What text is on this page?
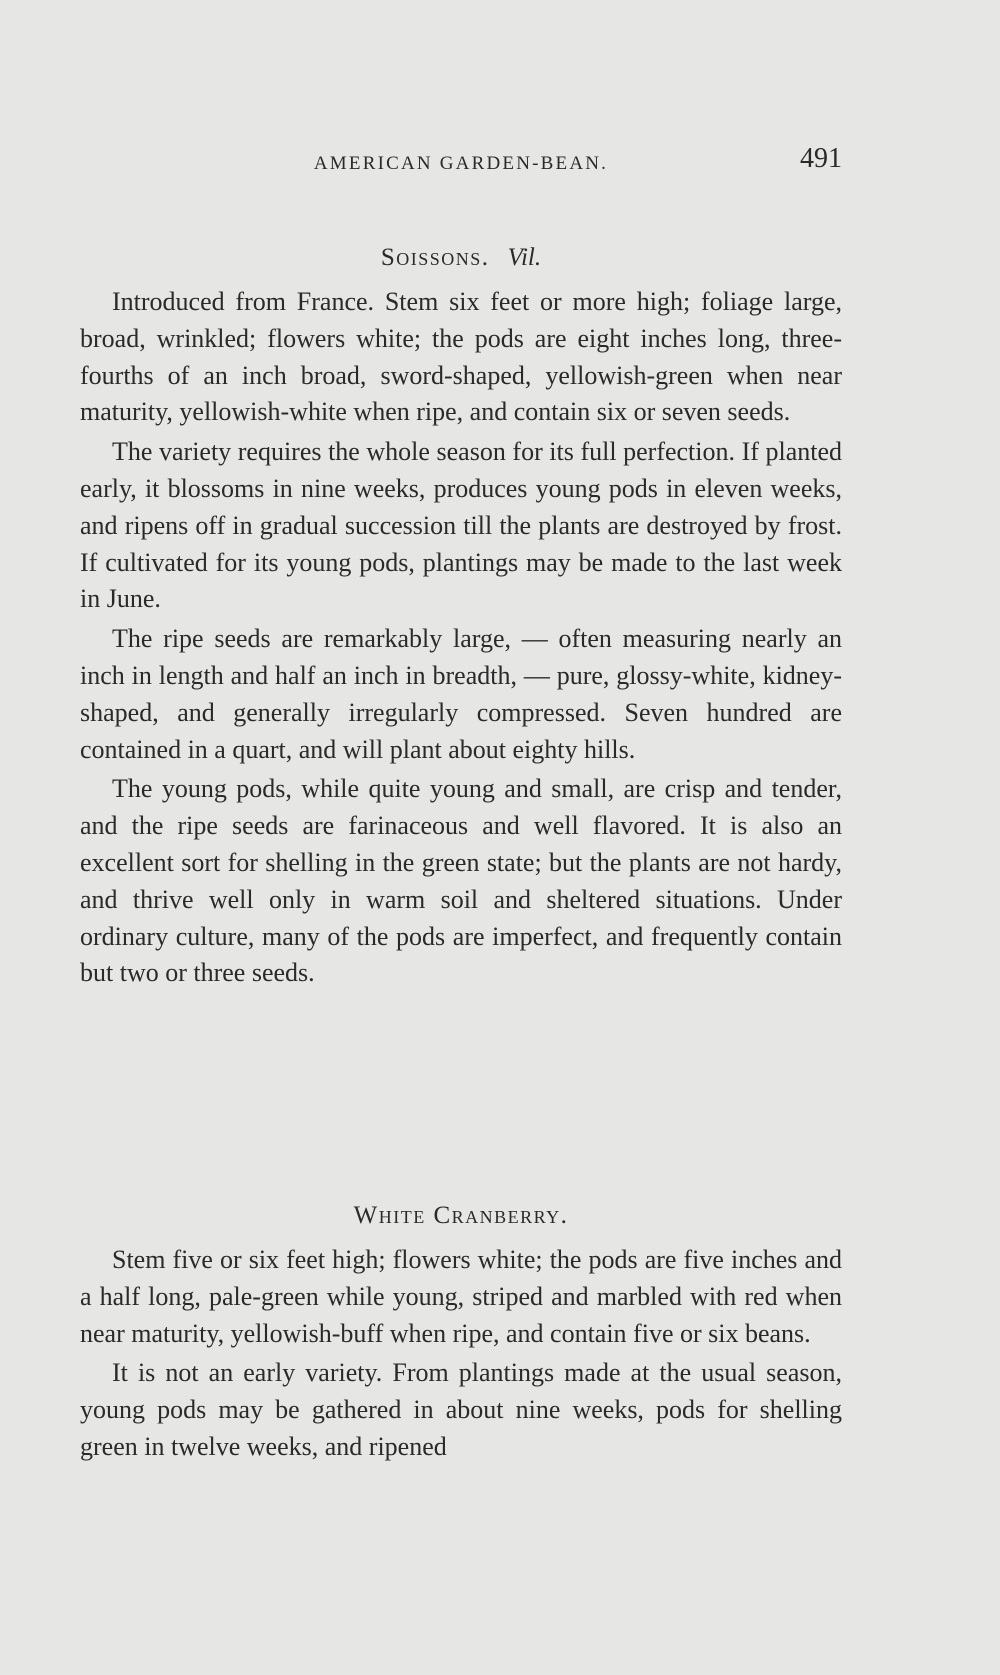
AMERICAN GARDEN-BEAN.	491
Soissons. Vil.

Introduced from France. Stem six feet or more high; foliage large, broad, wrinkled; flowers white; the pods are eight inches long, three-fourths of an inch broad, sword-shaped, yellowish-green when near maturity, yellowish-white when ripe, and contain six or seven seeds.

The variety requires the whole season for its full perfection. If planted early, it blossoms in nine weeks, produces young pods in eleven weeks, and ripens off in gradual succession till the plants are destroyed by frost. If cultivated for its young pods, plantings may be made to the last week in June.

The ripe seeds are remarkably large, — often measuring nearly an inch in length and half an inch in breadth, — pure, glossy-white, kidney-shaped, and generally irregularly compressed. Seven hundred are contained in a quart, and will plant about eighty hills.

The young pods, while quite young and small, are crisp and tender, and the ripe seeds are farinaceous and well flavored. It is also an excellent sort for shelling in the green state; but the plants are not hardy, and thrive well only in warm soil and sheltered situations. Under ordinary culture, many of the pods are imperfect, and frequently contain but two or three seeds.

White Cranberry.

Stem five or six feet high; flowers white; the pods are five inches and a half long, pale-green while young, striped and marbled with red when near maturity, yellowish-buff when ripe, and contain five or six beans.

It is not an early variety. From plantings made at the usual season, young pods may be gathered in about nine weeks, pods for shelling green in twelve weeks, and ripened
